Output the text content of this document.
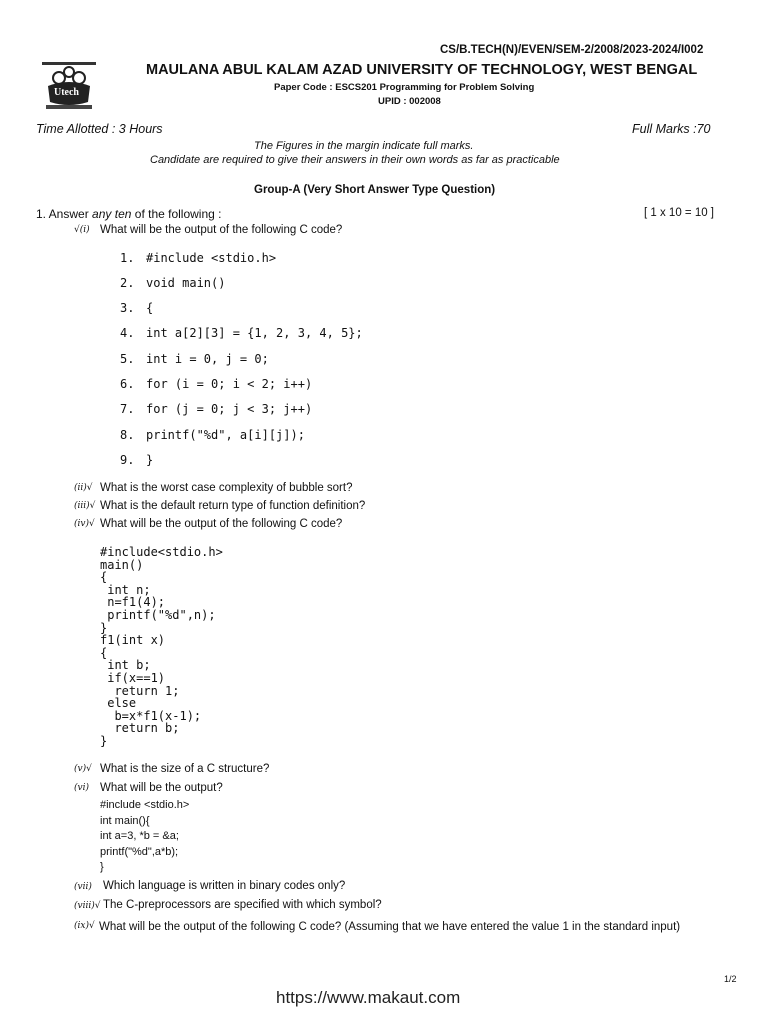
CS/B.TECH(N)/EVEN/SEM-2/2008/2023-2024/I002
Utech
MAULANA ABUL KALAM AZAD UNIVERSITY OF TECHNOLOGY, WEST BENGAL
Paper Code : ESCS201 Programming for Problem Solving
UPID : 002008
Time Allotted : 3 Hours	Full Marks :70
The Figures in the margin indicate full marks.
Candidate are required to give their answers in their own words as far as practicable
Group-A (Very Short Answer Type Question)
1. Answer any ten of the following :	[ 1 x 10 = 10 ]
√(i) What will be the output of the following C code?
1. #include <stdio.h>
2. void main()
3. {
4. int a[2][3] = {1, 2, 3, 4, 5};
5. int i = 0, j = 0;
6. for (i = 0; i < 2; i++)
7. for (j = 0; j < 3; j++)
8. printf("%d", a[i][j]);
9. }
(ii)√ What is the worst case complexity of bubble sort?
(iii)√ What is the default return type of function definition?
(iv)√ What will be the output of the following C code?
#include<stdio.h>
main()
{
int n;
n=f1(4);
printf("%d",n);
}
f1(int x)
{
int b;
if(x==1)
return 1;
else
b=x*f1(x-1);
return b;
}
(v)√ What is the size of a C structure?
(vi) What will be the output?
#include <stdio.h>
int main(){
int a=3, *b = &a;
printf("%d",a*b);
}
(vii) Which language is written in binary codes only?
(viii)√ The C-preprocessors are specified with which symbol?
(ix)√ What will be the output of the following C code? (Assuming that we have entered the value 1 in the standard input)
1/2
https://www.makaut.com
